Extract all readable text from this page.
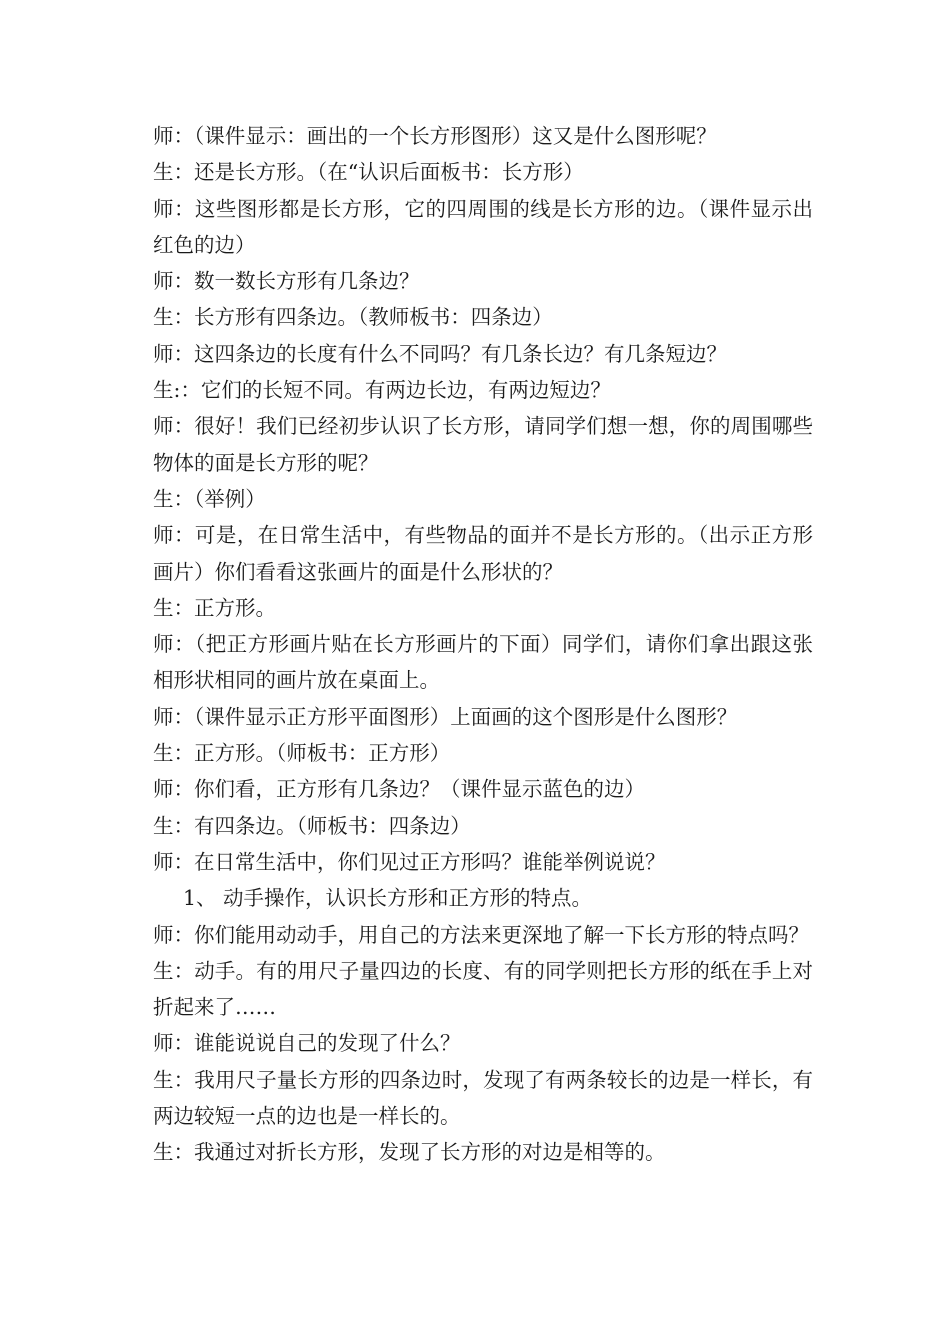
师：（课件显示：画出的一个长方形图形）这又是什么图形呢？

生：还是长方形。（在“认识后面板书：长方形）

师：这些图形都是长方形，它的四周围的线是长方形的边。（课件显示出红色的边）

师：数一数长方形有几条边？

生：长方形有四条边。（教师板书：四条边）

师：这四条边的长度有什么不同吗？有几条长边？有几条短边？

生:：它们的长短不同。有两边长边，有两边短边？

师：很好！我们已经初步认识了长方形，请同学们想一想，你的周围哪些物体的面是长方形的呢？

生：（举例）

师：可是，在日常生活中，有些物品的面并不是长方形的。（出示正方形画片）你们看看这张画片的面是什么形状的？

生：正方形。

师：（把正方形画片贴在长方形画片的下面）同学们，请你们拿出跟这张相形状相同的画片放在桌面上。

师：（课件显示正方形平面图形）上面画的这个图形是什么图形？

生：正方形。（师板书：正方形）

师：你们看，正方形有几条边？（课件显示蓝色的边）

生：有四条边。（师板书：四条边）

师：在日常生活中，你们见过正方形吗？谁能举例说说？

1、 动手操作，认识长方形和正方形的特点。

师：你们能用动动手，用自己的方法来更深地了解一下长方形的特点吗？

生：动手。有的用尺子量四边的长度、有的同学则把长方形的纸在手上对折起来了……

师：谁能说说自己的发现了什么？

生：我用尺子量长方形的四条边时，发现了有两条较长的边是一样长，有两边较短一点的边也是一样长的。

生：我通过对折长方形，发现了长方形的对边是相等的。
